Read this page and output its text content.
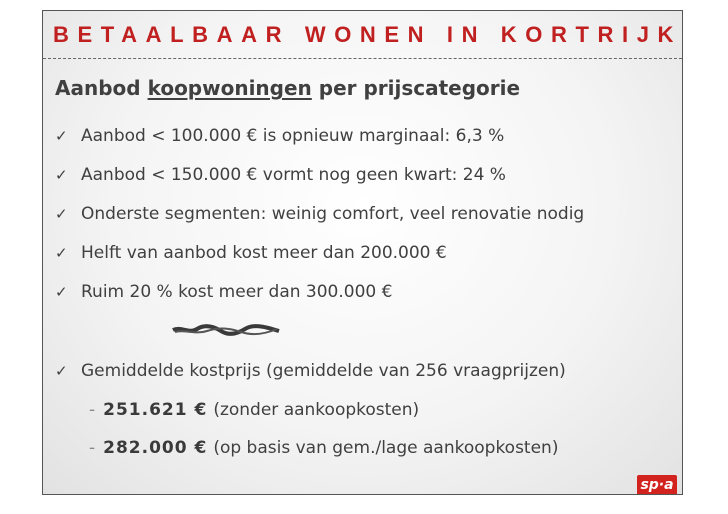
BETAALBAAR WONEN IN KORTRIJK
Aanbod koopwoningen per prijscategorie
✓ Aanbod < 100.000 € is opnieuw marginaal: 6,3 %
✓ Aanbod < 150.000 € vormt nog geen kwart: 24 %
✓ Onderste segmenten: weinig comfort, veel renovatie nodig
✓ Helft van aanbod kost meer dan 200.000 €
✓ Ruim 20 % kost meer dan 300.000 €
✓ Gemiddelde kostprijs (gemiddelde van 256 vraagprijzen)
- 251.621 € (zonder aankoopkosten)
- 282.000 € (op basis van gem./lage aankoopkosten)
sp·a
